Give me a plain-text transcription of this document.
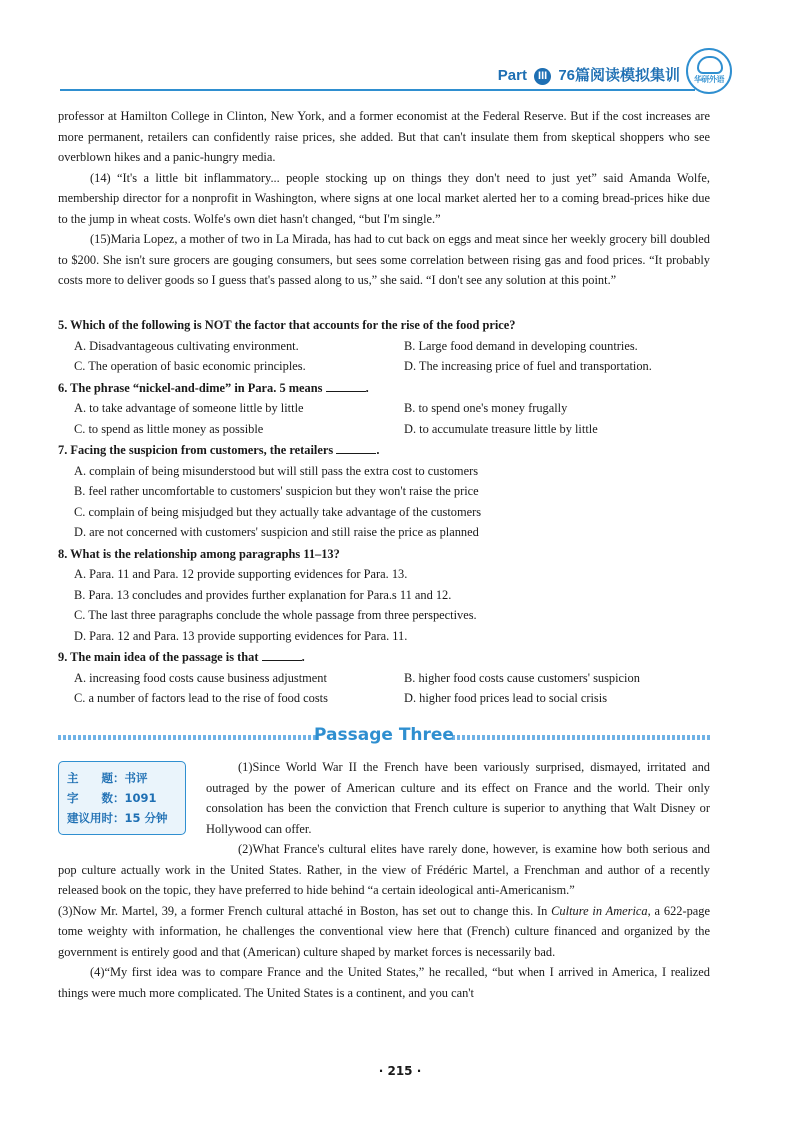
Part III 76篇阅读模拟集训	华研外语

professor at Hamilton College in Clinton, New York, and a former economist at the Federal Reserve. But if the cost increases are more permanent, retailers can confidently raise prices, she added. But that can't insulate them from skeptical shoppers who see overblown hikes and a panic-hungry media.

(14) “It's a little bit inflammatory... people stocking up on things they don't need to just yet” said Amanda Wolfe, membership director for a nonprofit in Washington, where signs at one local market alerted her to a coming bread-prices hike due to the jump in wheat costs. Wolfe's own diet hasn't changed, “but I'm single.”

(15)Maria Lopez, a mother of two in La Mirada, has had to cut back on eggs and meat since her weekly grocery bill doubled to $200. She isn't sure grocers are gouging consumers, but sees some correlation between rising gas and food prices. “It probably costs more to deliver goods so I guess that's passed along to us,” she said. “I don't see any solution at this point.”

5. Which of the following is NOT the factor that accounts for the rise of the food price?
A. Disadvantageous cultivating environment.	B. Large food demand in developing countries.
C. The operation of basic economic principles.	D. The increasing price of fuel and transportation.
6. The phrase “nickel-and-dime” in Para. 5 means	.
A. to take advantage of someone little by little	B. to spend one's money frugally
C. to spend as little money as possible	D. to accumulate treasure little by little
7. Facing the suspicion from customers, the retailers	.
A. complain of being misunderstood but will still pass the extra cost to customers
B. feel rather uncomfortable to customers' suspicion but they won't raise the price
C. complain of being misjudged but they actually take advantage of the customers
D. are not concerned with customers' suspicion and still raise the price as planned
8. What is the relationship among paragraphs 11–13?
A. Para. 11 and Para. 12 provide supporting evidences for Para. 13.
B. Para. 13 concludes and provides further explanation for Para.s 11 and 12.
C. The last three paragraphs conclude the whole passage from three perspectives.
D. Para. 12 and Para. 13 provide supporting evidences for Para. 11.
9. The main idea of the passage is that	.
A. increasing food costs cause business adjustment	B. higher food costs cause customers' suspicion
C. a number of factors lead to the rise of food costs	D. higher food prices lead to social crisis
Passage Three
主　　题：书评
字　　数：1091
建议用时：15 分钟

(1)Since World War II the French have been variously surprised, dismayed, irritated and outraged by the power of American culture and its effect on France and the world. Their only consolation has been the conviction that French culture is superior to anything that Walt Disney or Hollywood can offer.

(2)What France's cultural elites have rarely done, however, is examine how both serious and pop culture actually work in the United States. Rather, in the view of Frédéric Martel, a Frenchman and author of a recently released book on the topic, they have preferred to hide behind “a certain ideological anti-Americanism.”

(3)Now Mr. Martel, 39, a former French cultural attaché in Boston, has set out to change this. In Culture in America, a 622-page tome weighty with information, he challenges the conventional view here that (French) culture financed and organized by the government is entirely good and that (American) culture shaped by market forces is necessarily bad.

(4)“My first idea was to compare France and the United States,” he recalled, “but when I arrived in America, I realized things were much more complicated. The United States is a continent, and you can't

· 215 ·
